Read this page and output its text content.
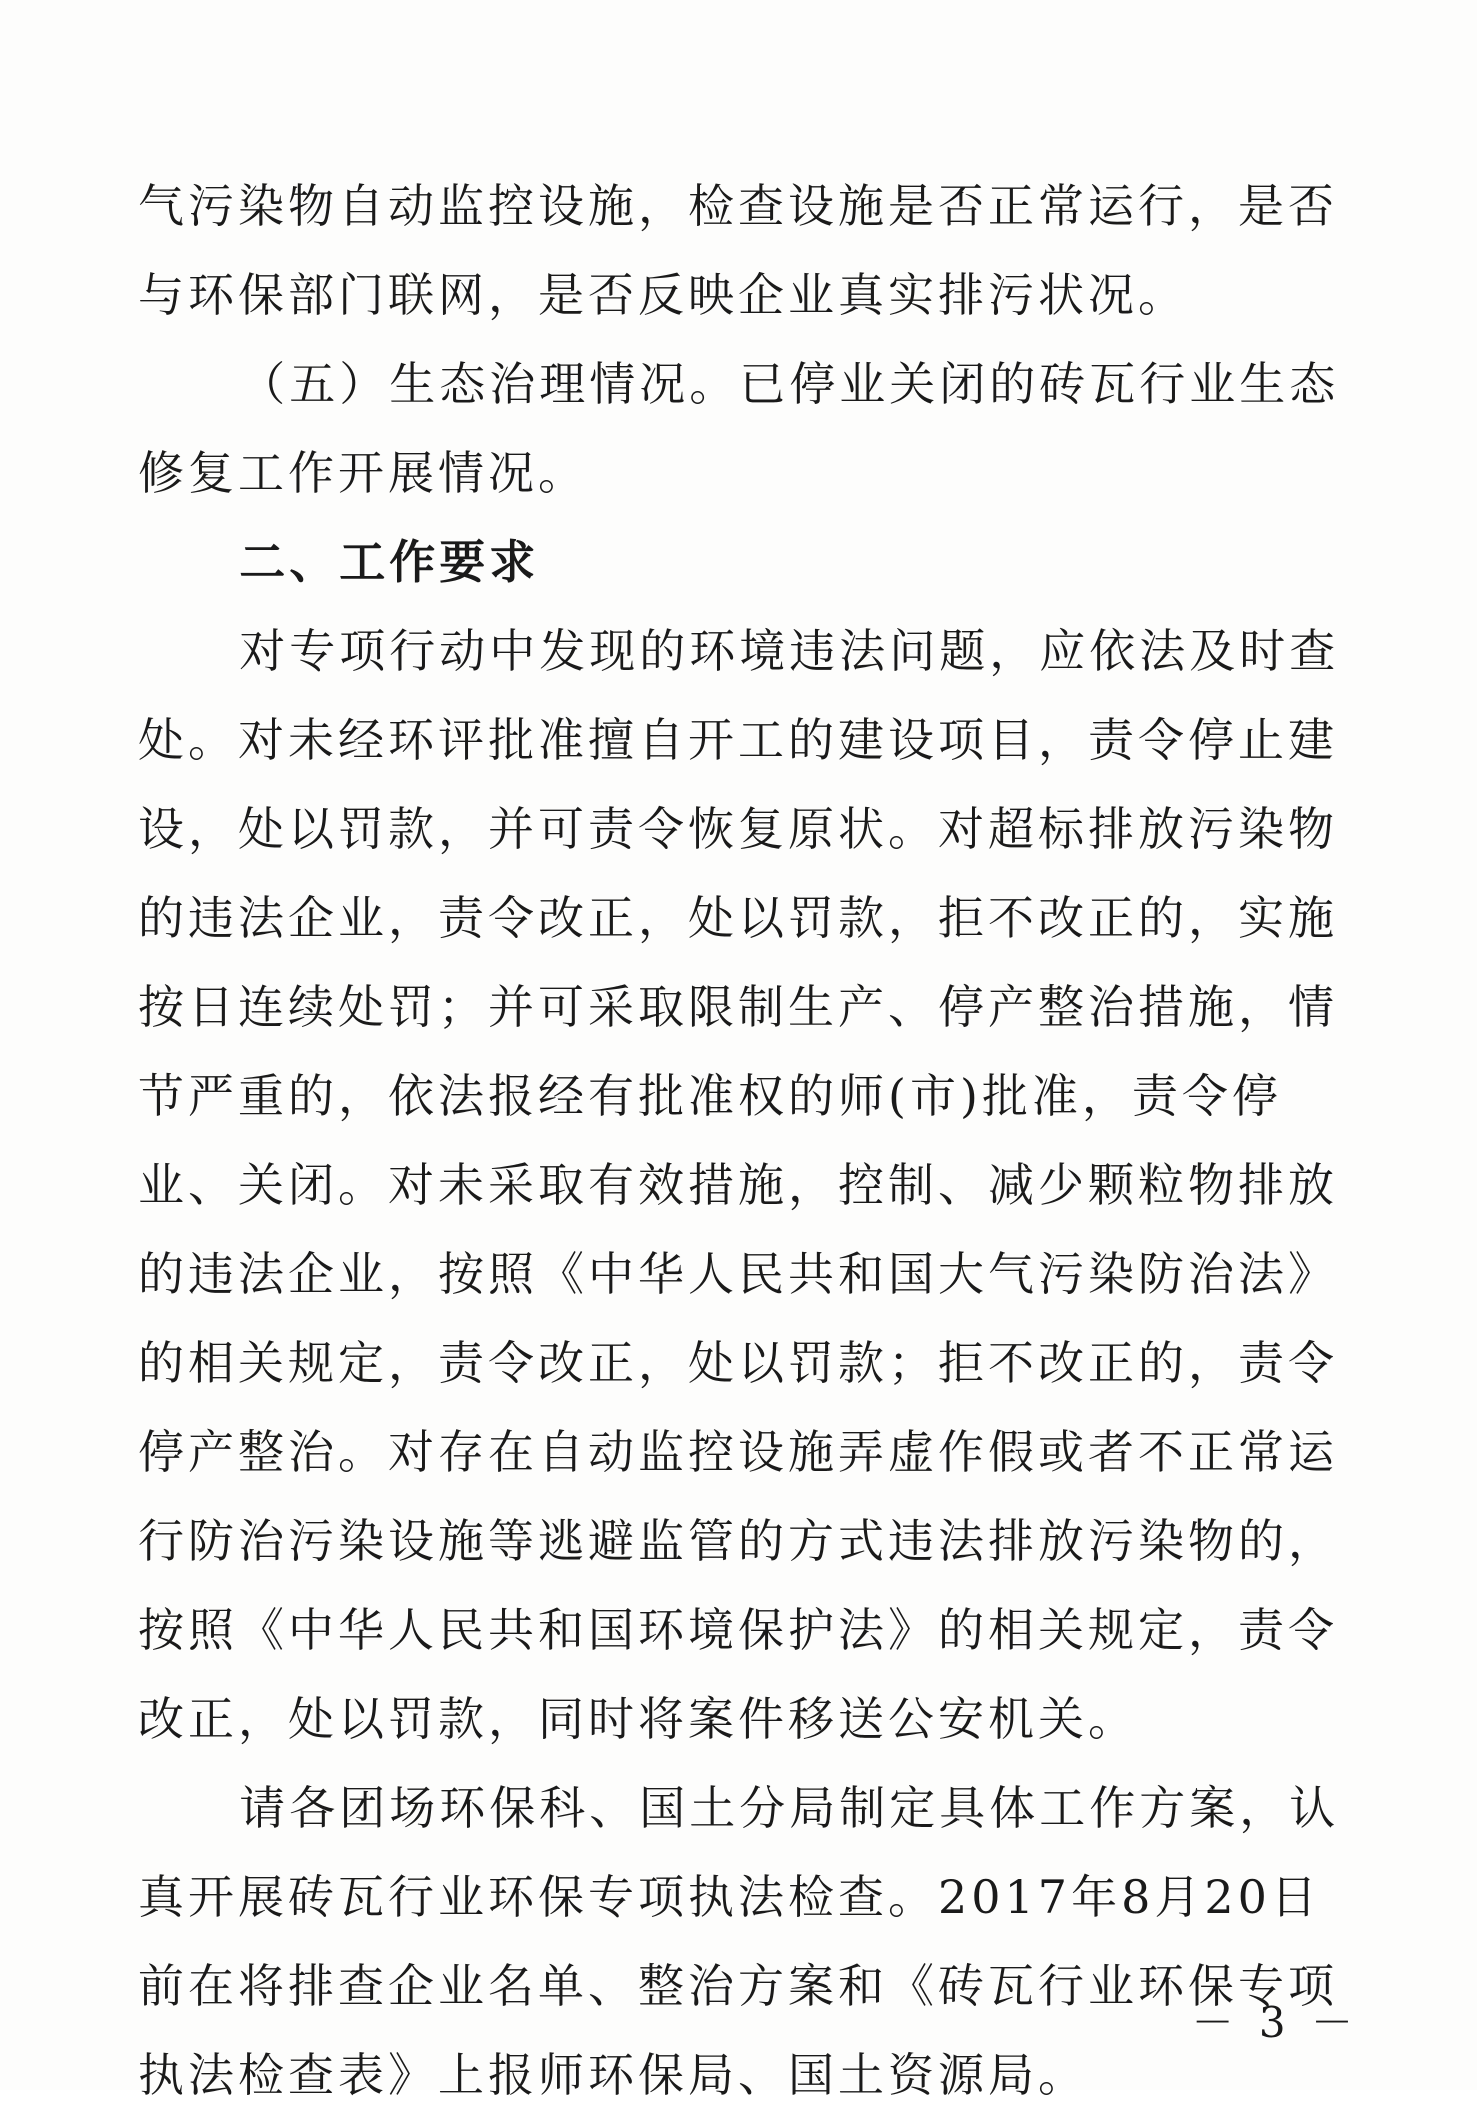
气污染物自动监控设施，检查设施是否正常运行，是否与环保部门联网，是否反映企业真实排污状况。

（五）生态治理情况。已停业关闭的砖瓦行业生态修复工作开展情况。

二、工作要求

对专项行动中发现的环境违法问题，应依法及时查处。对未经环评批准擅自开工的建设项目，责令停止建设，处以罚款，并可责令恢复原状。对超标排放污染物的违法企业，责令改正，处以罚款，拒不改正的，实施按日连续处罚；并可采取限制生产、停产整治措施，情节严重的，依法报经有批准权的师(市)批准，责令停业、关闭。对未采取有效措施，控制、减少颗粒物排放的违法企业，按照《中华人民共和国大气污染防治法》的相关规定，责令改正，处以罚款；拒不改正的，责令停产整治。对存在自动监控设施弄虚作假或者不正常运行防治污染设施等逃避监管的方式违法排放污染物的，按照《中华人民共和国环境保护法》的相关规定，责令改正，处以罚款，同时将案件移送公安机关。

请各团场环保科、国土分局制定具体工作方案，认真开展砖瓦行业环保专项执法检查。2017年8月20日前在将排查企业名单、整治方案和《砖瓦行业环保专项执法检查表》上报师环保局、国土资源局。

－ 3 －
